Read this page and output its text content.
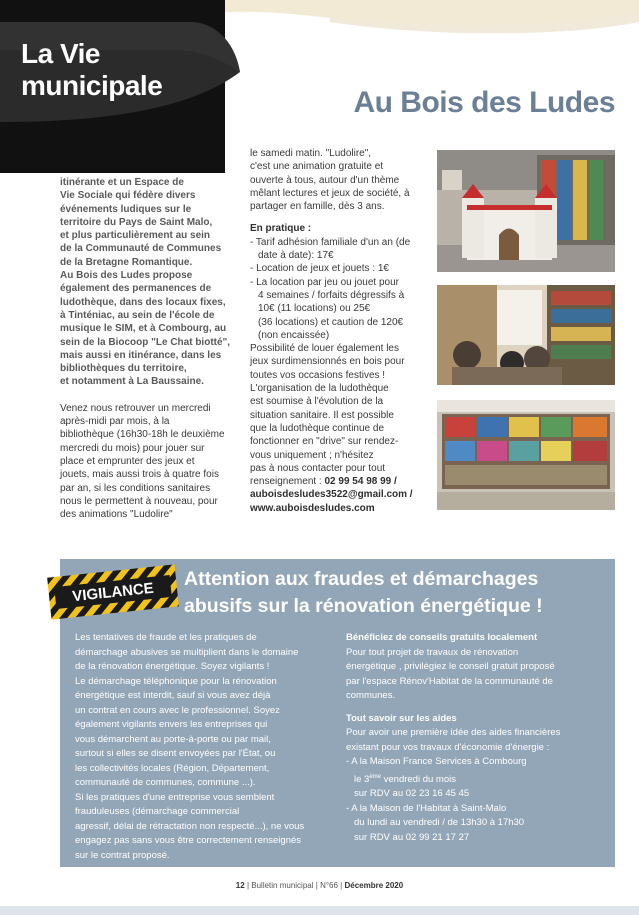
La Vie
municipale
Au Bois des Ludes
itinérante et un Espace de
Vie Sociale qui fédère divers
événements ludiques sur le
territoire du Pays de Saint Malo,
et plus particulièrement au sein
de la Communauté de Communes
de la Bretagne Romantique.
Au Bois des Ludes propose
également des permanences de
ludothèque, dans des locaux fixes,
à Tinténiac, au sein de l'école de
musique le SIM, et à Combourg, au
sein de la Biocoop "Le Chat biotté",
mais aussi en itinérance, dans les
bibliothèques du territoire,
et notamment à La Baussaine.
Venez nous retrouver un mercredi
après-midi par mois, à la
bibliothèque (16h30-18h le deuxième
mercredi du mois) pour jouer sur
place et emprunter des jeux et
jouets, mais aussi trois à quatre fois
par an, si les conditions sanitaires
nous le permettent à nouveau, pour
des animations "Ludolire"
le samedi matin. "Ludolire",
c'est une animation gratuite et
ouverte à tous, autour d'un thème
mêlant lectures et jeux de société, à
partager en famille, dès 3 ans.
En pratique :
- Tarif adhésion familiale d'un an (de
date à date): 17€
- Location de jeux et jouets : 1€
- La location par jeu ou jouet pour
4 semaines / forfaits dégressifs à
10€ (11 locations) ou 25€
(36 locations) et caution de 120€
(non encaissée)
Possibilité de louer également les
jeux surdimensionnés en bois pour
toutes vos occasions festives !
L'organisation de la ludothèque
est soumise à l'évolution de la
situation sanitaire. Il est possible
que la ludothèque continue de
fonctionner en "drive" sur rendez-
vous uniquement ; n'hésitez
pas à nous contacter pour tout
renseignement : 02 99 54 98 99 /
auboisdesludes3522@gmail.com /
www.auboisdesludes.com
VIGILANCE
Attention aux fraudes et démarchages
abusifs sur la rénovation énergétique !
Les tentatives de fraude et les pratiques de
démarchage abusives se multiplient dans le domaine
de la rénovation énergétique. Soyez vigilants !
Le démarchage téléphonique pour la rénovation
énergétique est interdit, sauf si vous avez déjà
un contrat en cours avec le professionnel. Soyez
également vigilants envers les entreprises qui
vous démarchent au porte-à-porte ou par mail,
surtout si elles se disent envoyées par l'État, ou
les collectivités locales (Région, Département,
communauté de communes, commune ...).
Si les pratiques d'une entreprise vous semblent
frauduleuses (démarchage commercial
agressif, délai de rétractation non respecté...), ne vous
engagez pas sans vous être correctement renseignés
sur le contrat proposé.
Bénéficiez de conseils gratuits localement
Pour tout projet de travaux de rénovation
énergétique , privilégiez le conseil gratuit proposé
par l'espace Rénov'Habitat de la communauté de
communes.
Tout savoir sur les aides
Pour avoir une première idée des aides financières
existant pour vos travaux d'économie d'énergie :
- A la Maison France Services à Combourg
le 3ème vendredi du mois
sur RDV au 02 23 16 45 45
- A la Maison de l'Habitat à Saint-Malo
du lundi au vendredi / de 13h30 à 17h30
sur RDV au 02 99 21 17 27
12 | Bulletin municipal | N°66 | Décembre 2020
